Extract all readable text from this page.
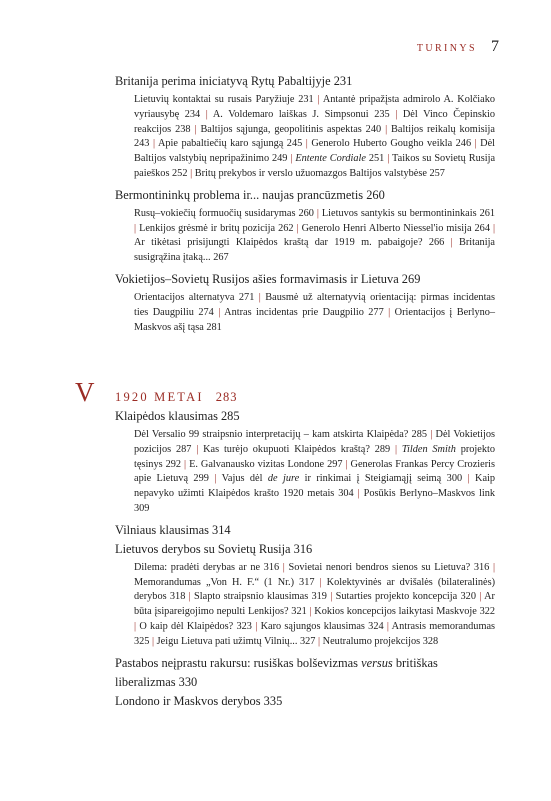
TURINYS 7

Britanija perima iniciatyvą Rytų Pabaltijyje 231

Lietuvių kontaktai su rusais Paryžiuje 231 | Antantė pripažįsta admirolo A. Kolčiako vyriausybę 234 | A. Voldemaro laiškas J. Simpsonui 235 | Dėl Vinco Čepinskio reakcijos 238 | Baltijos sąjunga, geopolitinis aspektas 240 | Baltijos reikalų komisija 243 | Apie pabaltiečių karo sąjungą 245 | Generolo Huberto Gougho veikla 246 | Dėl Baltijos valstybių nepripažinimo 249 | Entente Cordiale 251 | Taikos su Sovietų Rusija paieškos 252 | Britų prekybos ir verslo užuomazgos Baltijos valstybėse 257

Bermontininkų problema ir... naujas prancūzmetis 260

Rusų–vokiečių formuočių susidarymas 260 | Lietuvos santykis su bermontininkais 261 | Lenkijos grėsmė ir britų pozicija 262 | Generolo Henri Alberto Niessel'io misija 264 | Ar tikėtasi prisijungti Klaipėdos kraštą dar 1919 m. pabaigoje? 266 | Britanija susigrąžina įtaką... 267

Vokietijos–Sovietų Rusijos ašies formavimasis ir Lietuva 269

Orientacijos alternatyva 271 | Bausmė už alternatyvią orientaciją: pirmas incidentas ties Daugpiliu 274 | Antras incidentas prie Daugpilio 277 | Orientacijos į Berlyno–Maskvos ašį tąsa 281

V	1920 METAI 283

Klaipėdos klausimas 285

Dėl Versalio 99 straipsnio interpretacijų – kam atskirta Klaipėda? 285 | Dėl Vokietijos pozicijos 287 | Kas turėjo okupuoti Klaipėdos kraštą? 289 | Tilden Smith projekto tęsinys 292 | E. Galvanausko vizitas Londone 297 | Generolas Frankas Percy Crozieris apie Lietuvą 299 | Vajus dėl de jure ir rinkimai į Steigiamąjį seimą 300 | Kaip nepavyko užimti Klaipėdos krašto 1920 metais 304 | Posūkis Berlyno–Maskvos link 309

Vilniaus klausimas 314

Lietuvos derybos su Sovietų Rusija 316

Dilema: pradėti derybas ar ne 316 | Sovietai nenori bendros sienos su Lietuva? 316 | Memorandumas „Von H. F.“ (1 Nr.) 317 | Kolektyvinės ar dvišalės (bilateralinės) derybos 318 | Slapto straipsnio klausimas 319 | Sutarties projekto koncepcija 320 | Ar būta įsipareigojimo nepulti Lenkijos? 321 | Kokios koncepcijos laikytasi Maskvoje 322 | O kaip dėl Klaipėdos? 323 | Karo sąjungos klausimas 324 | Antrasis memorandumas 325 | Jeigu Lietuva pati užimtų Vilnių... 327 | Neutralumo projekcijos 328

Pastabos neįprastu rakursu: rusiškas bolševizmas versus britiškas liberalizmas 330

Londono ir Maskvos derybos 335
